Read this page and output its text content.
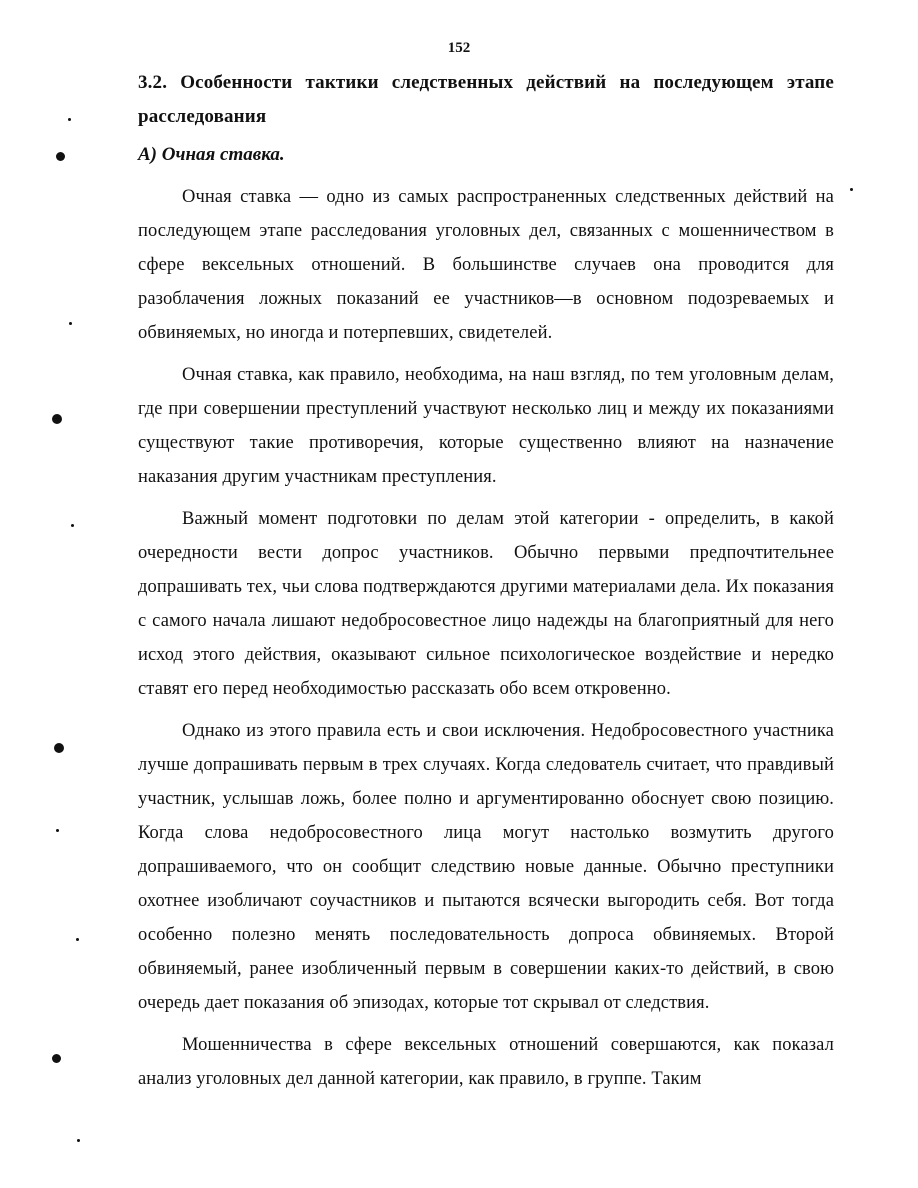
152

3.2. Особенности тактики следственных действий на последующем этапе расследования

А) Очная ставка.

Очная ставка — одно из самых распространенных следственных действий на последующем этапе расследования уголовных дел, связанных с мошенничеством в сфере вексельных отношений. В большинстве случаев она проводится для разоблачения ложных показаний ее участников—в основном подозреваемых и обвиняемых, но иногда и потерпевших, свидетелей.

Очная ставка, как правило, необходима, на наш взгляд, по тем уголовным делам, где при совершении преступлений участвуют несколько лиц и между их показаниями существуют такие противоречия, которые существенно влияют на назначение наказания другим участникам преступления.

Важный момент подготовки по делам этой категории - определить, в какой очередности вести допрос участников. Обычно первыми предпочтительнее допрашивать тех, чьи слова подтверждаются другими материалами дела. Их показания с самого начала лишают недобросовестное лицо надежды на благоприятный для него исход этого действия, оказывают сильное психологическое воздействие и нередко ставят его перед необходимостью рассказать обо всем откровенно.

Однако из этого правила есть и свои исключения. Недобросовестного участника лучше допрашивать первым в трех случаях. Когда следователь считает, что правдивый участник, услышав ложь, более полно и аргументированно обоснует свою позицию. Когда слова недобросовестного лица могут настолько возмутить другого допрашиваемого, что он сообщит следствию новые данные. Обычно преступники охотнее изобличают соучастников и пытаются всячески выгородить себя. Вот тогда особенно полезно менять последовательность допроса обвиняемых. Второй обвиняемый, ранее изобличенный первым в совершении каких-то действий, в свою очередь дает показания об эпизодах, которые тот скрывал от следствия.

Мошенничества в сфере вексельных отношений совершаются, как показал анализ уголовных дел данной категории, как правило, в группе. Таким
